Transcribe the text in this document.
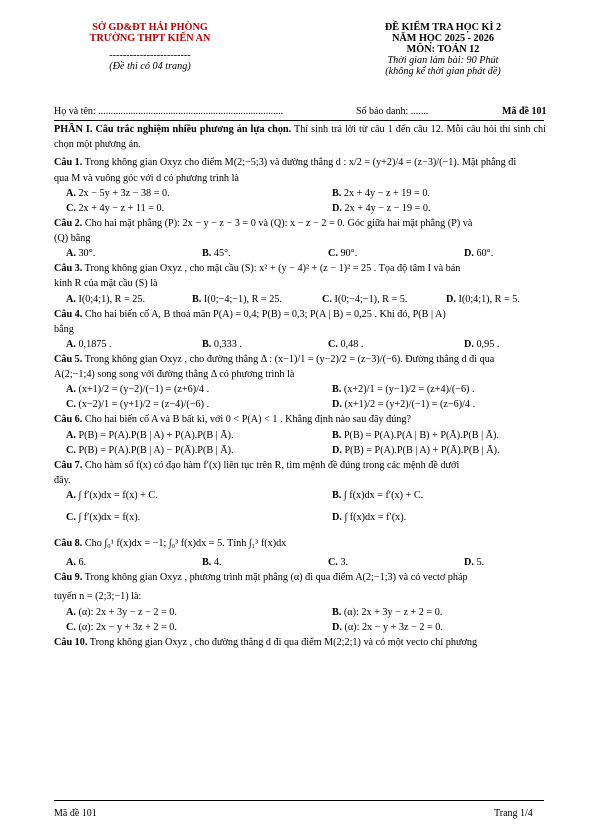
SỞ GD&ĐT HẢI PHÒNG
TRƯỜNG THPT KIẾN AN
------------------------
(Đề thi có 04 trang)
ĐỀ KIỂM TRA HỌC KÌ 2
NĂM HỌC 2025 - 2026
MÔN: TOÁN 12
Thời gian làm bài: 90 Phút
(không kể thời gian phát đề)
Họ và tên: ..........................................................................	Số báo danh: .......	Mã đề 101

PHẦN I. Câu trắc nghiệm nhiều phương án lựa chọn. Thí sinh trả lời từ câu 1 đến câu 12. Mỗi câu hỏi thí sinh chỉ chọn một phương án.

Câu 1. Trong không gian Oxyz cho điểm M(2;−5;3) và đường thẳng d : x/2 = (y+2)/4 = (z−3)/(−1). Mặt phẳng đi

qua M và vuông góc với d có phương trình là

A. 2x − 5y + 3z − 38 = 0.	B. 2x + 4y − z + 19 = 0.
C. 2x + 4y − z + 11 = 0.	D. 2x + 4y − z − 19 = 0.

Câu 2. Cho hai mặt phẳng (P): 2x − y − z − 3 = 0 và (Q): x − z − 2 = 0. Góc giữa hai mặt phẳng (P) và

(Q) bằng

A. 30°.	B. 45°.	C. 90°.	D. 60°.

Câu 3. Trong không gian Oxyz , cho mặt cầu (S): x² + (y − 4)² + (z − 1)² = 25 . Tọa độ tâm I và bán

kính R của mặt cầu (S) là

A. I(0;4;1), R = 25.	B. I(0;−4;−1), R = 25.	C. I(0;−4;−1), R = 5.	D. I(0;4;1), R = 5.

Câu 4. Cho hai biến cố A, B thoả mãn P(A) = 0,4; P(B) = 0,3; P(A | B) = 0,25 . Khi đó, P(B | A)

bằng

A. 0,1875 .	B. 0,333 .	C. 0,48 .	D. 0,95 .

Câu 5. Trong không gian Oxyz , cho đường thẳng Δ : (x−1)/1 = (y−2)/2 = (z−3)/(−6). Đường thẳng d đi qua

A(2;−1;4) song song với đường thẳng Δ có phương trình là

A. (x+1)/2 = (y−2)/(−1) = (z+6)/4 .	B. (x+2)/1 = (y−1)/2 = (z+4)/(−6) .
C. (x−2)/1 = (y+1)/2 = (z−4)/(−6) .	D. (x+1)/2 = (y+2)/(−1) = (z−6)/4 .

Câu 6. Cho hai biến cố A và B bất kì, với 0 < P(A) < 1 . Khẳng định nào sau đây đúng?

A. P(B) = P(A).P(B | A) + P(A).P(B | Ā).	B. P(B) = P(A).P(A | B) + P(Ā).P(B | Ā).
C. P(B) = P(A).P(B | A) − P(Ā).P(B | Ā).	D. P(B) = P(A).P(B | A) + P(Ā).P(B | Ā).

Câu 7. Cho hàm số f(x) có đạo hàm f′(x) liên tục trên R, tìm mệnh đề đúng trong các mệnh đề dưới

đây.

A. ∫ f′(x)dx = f(x) + C.	B. ∫ f(x)dx = f′(x) + C.
C. ∫ f′(x)dx = f(x).	D. ∫ f(x)dx = f′(x).

Câu 8. Cho ∫₀¹ f(x)dx = −1; ∫₀³ f(x)dx = 5. Tính ∫₁³ f(x)dx

A. 6.	B. 4.	C. 3.	D. 5.

Câu 9. Trong không gian Oxyz , phương trình mặt phẳng (α) đi qua điểm A(2;−1;3) và có vectơ pháp

tuyến n = (2;3;−1) là:

A. (α): 2x + 3y − z − 2 = 0.	B. (α): 2x + 3y − z + 2 = 0.
C. (α): 2x − y + 3z + 2 = 0.	D. (α): 2x − y + 3z − 2 = 0.

Câu 10. Trong không gian Oxyz , cho đường thẳng d đi qua điểm M(2;2;1) và có một vecto chỉ phương

Mã đề 101	Trang 1/4
